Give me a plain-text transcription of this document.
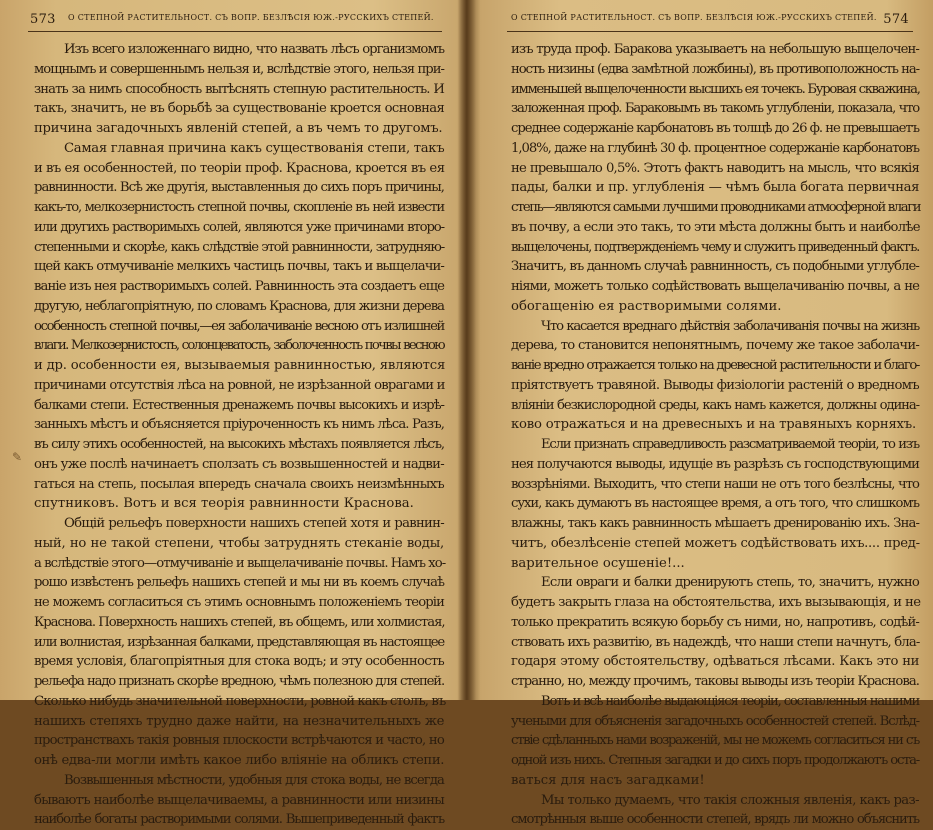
573 О СТЕПНОЙ РАСТИТЕЛЬНОСТ. СЪ ВОПР. БЕЗЛѢСІЯ ЮЖ.-РУССКИХЪ СТЕПЕЙ.
✎
Изъ всего изложеннаго видно, что назвать лѣсъ организмомъ
мощнымъ и совершеннымъ нельзя и, вслѣдствіе этого, нельзя при-
знать за нимъ способность вытѣснять степную растительность. И
такъ, значитъ, не въ борьбѣ за существованіе кроется основная
причина загадочныхъ явленій степей, а въ чемъ то другомъ.
Самая главная причина какъ существованія степи, такъ
и въ ея особенностей, по теоріи проф. Краснова, кроется въ ея
равнинности. Всѣ же другія, выставленныя до сихъ поръ причины,
какъ-то, мелкозернистость степной почвы, скопленіе въ ней извести
или другихъ растворимыхъ солей, являются уже причинами второ-
степенными и скорѣе, какъ слѣдствіе этой равнинности, затрудняю-
щей какъ отмучиваніе мелкихъ частицъ почвы, такъ и выщелачи-
ваніе изъ нея растворимыхъ солей. Равнинность эта создаетъ еще
другую, неблагопріятную, по словамъ Краснова, для жизни дерева
особенность степной почвы,—ея заболачиваніе весною отъ излишней
влаги. Мелкозернистость, солонцеватость, заболоченность почвы весною
и др. особенности ея, вызываемыя равнинностью, являются
причинами отсутствія лѣса на ровной, не изрѣзанной оврагами и
балками степи. Естественныя дренажемъ почвы высокихъ и изрѣ-
занныхъ мѣстъ и объясняется пріуроченность къ нимъ лѣса. Разъ,
въ силу этихъ особенностей, на высокихъ мѣстахъ появляется лѣсъ,
онъ уже послѣ начинаетъ сползать съ возвышенностей и надви-
гаться на степь, посылая впередъ сначала своихъ неизмѣнныхъ
спутниковъ. Вотъ и вся теорія равнинности Краснова.
Общій рельефъ поверхности нашихъ степей хотя и равнин-
ный, но не такой степени, чтобы затруднять стеканіе воды,
а вслѣдствіе этого—отмучиваніе и выщелачиваніе почвы. Намъ хо-
рошо извѣстенъ рельефъ нашихъ степей и мы ни въ коемъ случаѣ
не можемъ согласиться съ этимъ основнымъ положеніемъ теоріи
Краснова. Поверхность нашихъ степей, въ общемъ, или холмистая,
или волнистая, изрѣзанная балками, представляющая въ настоящее
время условія, благопріятныя для стока водъ; и эту особенность
рельефа надо признать скорѣе вредною, чѣмъ полезною для степей.
Сколько нибудь значительной поверхности, ровной какъ столъ, въ
нашихъ степяхъ трудно даже найти, на незначительныхъ же
пространствахъ такія ровныя плоскости встрѣчаются и часто, но
онѣ едва-ли могли имѣть какое либо вліяніе на обликъ степи.
Возвышенныя мѣстности, удобныя для стока воды, не всегда
бываютъ наиболѣе выщелачиваемы, а равнинности или низины
наиболѣе богаты растворимыми солями. Вышеприведенный фактъ
О СТЕПНОЙ РАСТИТЕЛЬНОСТ. СЪ ВОПР. БЕЗЛѢСІЯ ЮЖ.-РУССКИХЪ СТЕПЕЙ. 574
изъ труда проф. Баракова указываетъ на небольшую выщелочен-
ность низины (едва замѣтной ложбины), въ противоположность на-
имменьшей выщелоченности высшихъ ея точекъ. Буровая скважина,
заложенная проф. Бараковымъ въ такомъ углубленіи, показала, что
среднее содержаніе карбонатовъ въ толщѣ до 26 ф. не превышаетъ
1,08%, даже на глубинѣ 30 ф. процентное содержаніе карбонатовъ
не превышало 0,5%. Этотъ фактъ наводитъ на мысль, что всякія
пады, балки и пр. углубленія — чѣмъ была богата первичная
степь—являются самыми лучшими проводниками атмосферной влаги
въ почву, а если это такъ, то эти мѣста должны быть и наиболѣе
выщелочены, подтвержденіемъ чему и служитъ приведенный фактъ.
Значитъ, въ данномъ случаѣ равнинность, съ подобными углубле-
ніями, можетъ только содѣйствовать выщелачиванію почвы, а не
обогащенію ея растворимыми солями.
Что касается вреднаго дѣйствія заболачиванія почвы на жизнь
дерева, то становится непонятнымъ, почему же такое заболачи-
ваніе вредно отражается только на древесной растительности и благо-
пріятствуетъ травяной. Выводы физіологіи растеній о вредномъ
вліяніи безкислородной среды, какъ намъ кажется, должны одина-
ково отражаться и на древесныхъ и на травяныхъ корняхъ.
Если признать справедливость разсматриваемой теоріи, то изъ
нея получаются выводы, идущіе въ разрѣзъ съ господствующими
воззрѣніями. Выходитъ, что степи наши не отъ того безлѣсны, что
сухи, какъ думаютъ въ настоящее время, а отъ того, что слишкомъ
влажны, такъ какъ равнинность мѣшаетъ дренированію ихъ. Зна-
читъ, обезлѣсеніе степей можетъ содѣйствовать ихъ.... пред-
варительное осушеніе!...
Если овраги и балки дренируютъ степь, то, значитъ, нужно
будетъ закрыть глаза на обстоятельства, ихъ вызывающія, и не
только прекратить всякую борьбу съ ними, но, напротивъ, содѣй-
ствовать ихъ развитію, въ надеждѣ, что наши степи начнутъ, бла-
годаря этому обстоятельству, одѣваться лѣсами. Какъ это ни
странно, но, между прочимъ, таковы выводы изъ теоріи Краснова.
Вотъ и всѣ наиболѣе выдающіяся теоріи, составленныя нашими
учеными для объясненія загадочныхъ особенностей степей. Вслѣд-
ствіе сдѣланныхъ нами возраженій, мы не можемъ согласиться ни съ
одной изъ нихъ. Степныя загадки и до сихъ поръ продолжаютъ оста-
ваться для насъ загадками!
Мы только думаемъ, что такія сложныя явленія, какъ раз-
смотрѣнныя выше особенности степей, врядъ ли можно объяснить
